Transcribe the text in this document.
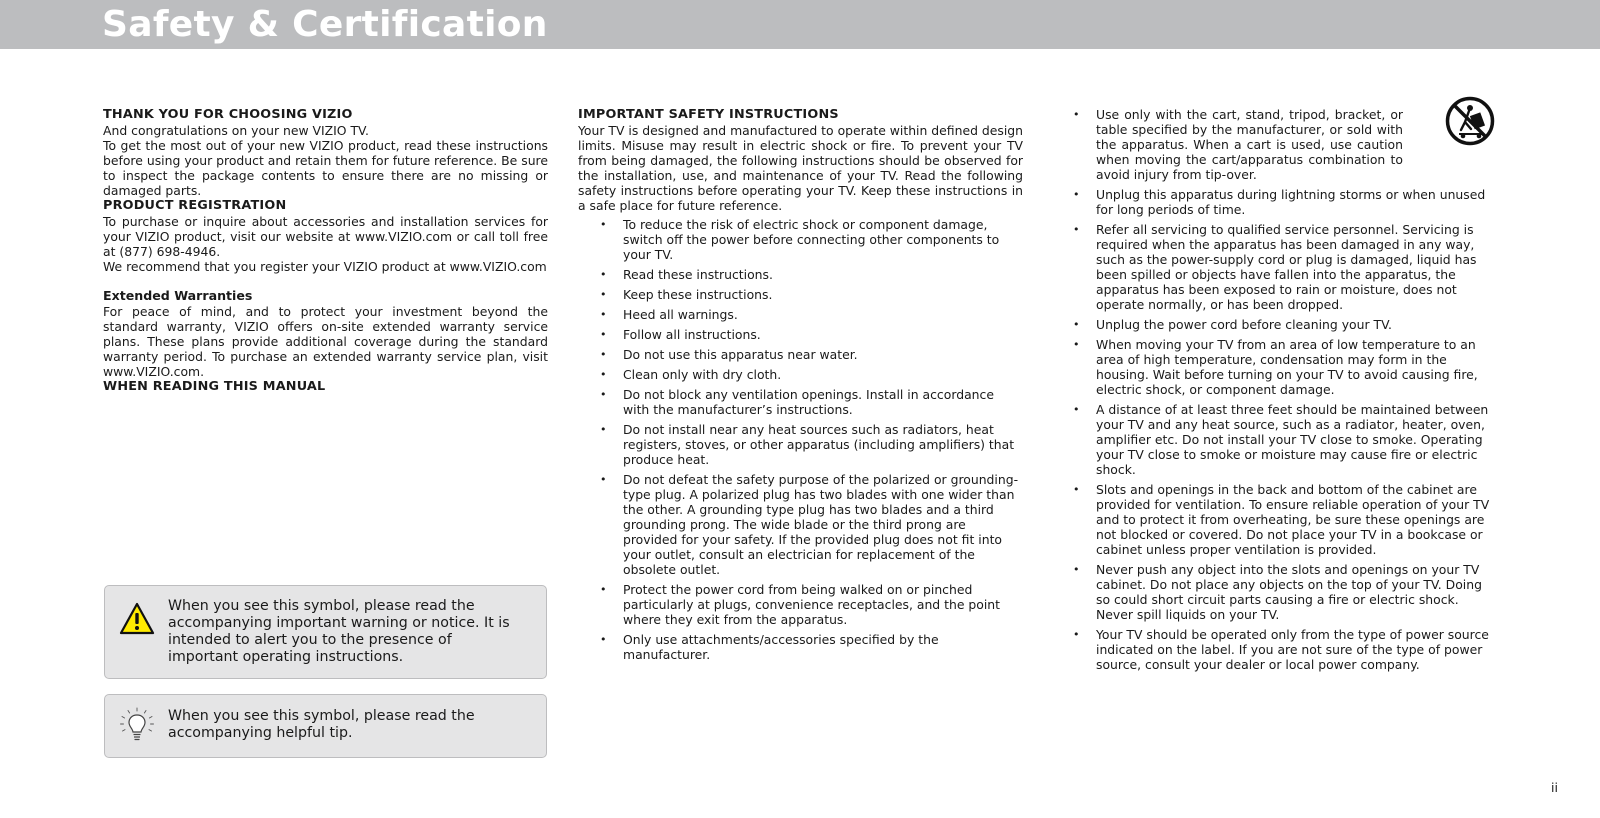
Safety & Certification
THANK YOU FOR CHOOSING VIZIO

And congratulations on your new VIZIO TV.

To get the most out of your new VIZIO product, read these instructions before using your product and retain them for future reference. Be sure to inspect the package contents to ensure there are no missing or damaged parts.

PRODUCT REGISTRATION

To purchase or inquire about accessories and installation services for your VIZIO product, visit our website at www.VIZIO.com or call toll free at (877) 698-4946.

We recommend that you register your VIZIO product at www.VIZIO.com

Extended Warranties

For peace of mind, and to protect your investment beyond the standard warranty, VIZIO offers on-site extended warranty service plans. These plans provide additional coverage during the standard warranty period. To purchase an extended warranty service plan, visit www.VIZIO.com.

WHEN READING THIS MANUAL
When you see this symbol, please read the accompanying important warning or notice. It is intended to alert you to the presence of important operating instructions.
When you see this symbol, please read the accompanying helpful tip.
IMPORTANT SAFETY INSTRUCTIONS

Your TV is designed and manufactured to operate within defined design limits. Misuse may result in electric shock or fire. To prevent your TV from being damaged, the following instructions should be observed for the installation, use, and maintenance of your TV. Read the following safety instructions before operating your TV. Keep these instructions in a safe place for future reference.

• To reduce the risk of electric shock or component damage, switch off the power before connecting other components to your TV.
• Read these instructions.
• Keep these instructions.
• Heed all warnings.
• Follow all instructions.
• Do not use this apparatus near water.
• Clean only with dry cloth.
• Do not block any ventilation openings. Install in accordance with the manufacturer’s instructions.
• Do not install near any heat sources such as radiators, heat registers, stoves, or other apparatus (including amplifiers) that produce heat.
• Do not defeat the safety purpose of the polarized or grounding-type plug. A polarized plug has two blades with one wider than the other. A grounding type plug has two blades and a third grounding prong. The wide blade or the third prong are provided for your safety. If the provided plug does not fit into your outlet, consult an electrician for replacement of the obsolete outlet.
• Protect the power cord from being walked on or pinched particularly at plugs, convenience receptacles, and the point where they exit from the apparatus.
• Only use attachments/accessories specified by the manufacturer.
• Use only with the cart, stand, tripod, bracket, or table specified by the manufacturer, or sold with the apparatus. When a cart is used, use caution when moving the cart/apparatus combination to avoid injury from tip-over.
• Unplug this apparatus during lightning storms or when unused for long periods of time.
• Refer all servicing to qualified service personnel. Servicing is required when the apparatus has been damaged in any way, such as the power-supply cord or plug is damaged, liquid has been spilled or objects have fallen into the apparatus, the apparatus has been exposed to rain or moisture, does not operate normally, or has been dropped.
• Unplug the power cord before cleaning your TV.
• When moving your TV from an area of low temperature to an area of high temperature, condensation may form in the housing. Wait before turning on your TV to avoid causing fire, electric shock, or component damage.
• A distance of at least three feet should be maintained between your TV and any heat source, such as a radiator, heater, oven, amplifier etc. Do not install your TV close to smoke. Operating your TV close to smoke or moisture may cause fire or electric shock.
• Slots and openings in the back and bottom of the cabinet are provided for ventilation. To ensure reliable operation of your TV and to protect it from overheating, be sure these openings are not blocked or covered. Do not place your TV in a bookcase or cabinet unless proper ventilation is provided.
• Never push any object into the slots and openings on your TV cabinet. Do not place any objects on the top of your TV. Doing so could short circuit parts causing a fire or electric shock. Never spill liquids on your TV.
• Your TV should be operated only from the type of power source indicated on the label. If you are not sure of the type of power source, consult your dealer or local power company.
ii
